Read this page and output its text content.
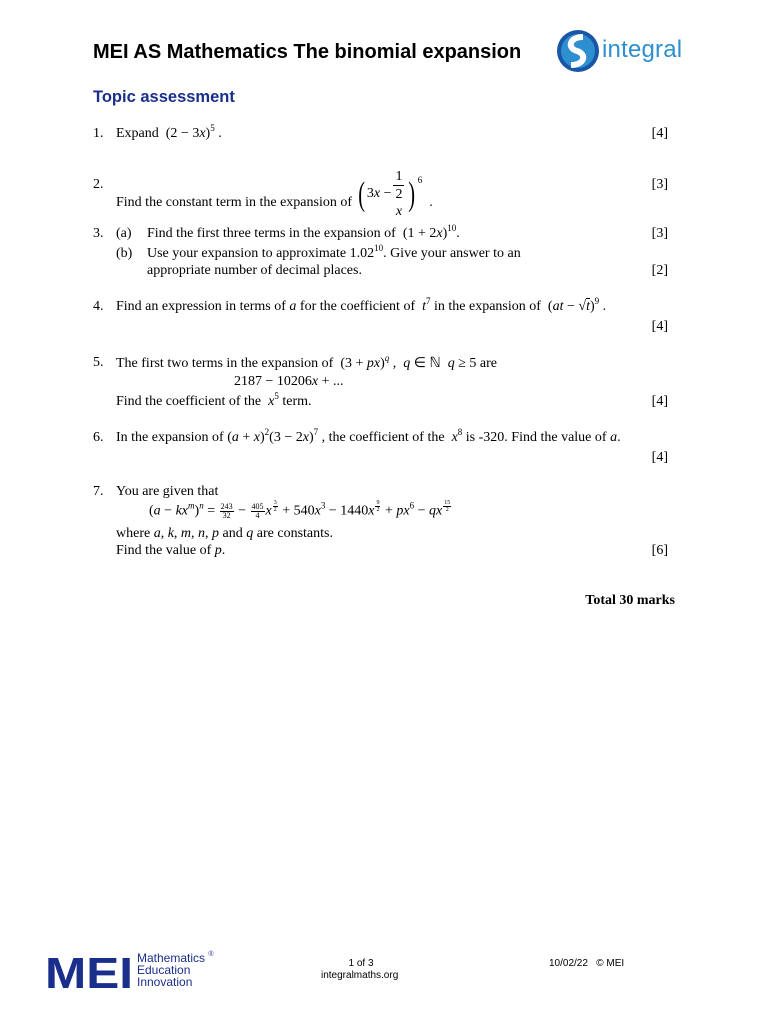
MEI AS Mathematics The binomial expansion	integral
Topic assessment
1. Expand  $(2 - 3x)^5$ .	[4]
2.
Find the constant term in the expansion of ( 3x − 1
2
x ) $^6$  .
[3]
3. (a) Find the first three terms in the expansion of  $(1 + 2x)^{10}$.	[3]
(b) Use your expansion to approximate 1.02$^{10}$. Give your answer to an
appropriate number of decimal places.	[2]
4. Find an expression in terms of a for the coefficient of  $t^7$ in the expansion of  (at − √t)$^9$ .
[4]
5. The first two terms in the expansion of  (3 + px)$^q$ ,  q ∈ ℕ  q ≥ 5 are
2187 − 10206x + ...
Find the coefficient of the  $x^5$ term.	[4]
6. In the expansion of $(a + x)^2(3 - 2x)^7$ , the coefficient of the  $x^8$ is -320. Find the value of a.
[4]
7. You are given that
$(a - kx^m)^n = \frac{243}{32} - \frac{405}{4}$ x $^{\frac{3}{2}} + 540x^3 - 1440x$ $^{\frac{9}{2}} + px^6$ − qx $^{\frac{15}{2}}$
where a, k, m, n, p and q are constants.
Find the value of p.	[6]
Total 30 marks
MEI Mathematics ®
Education
Innovation
1 of 3
integralmaths.org
10/02/22 © MEI
